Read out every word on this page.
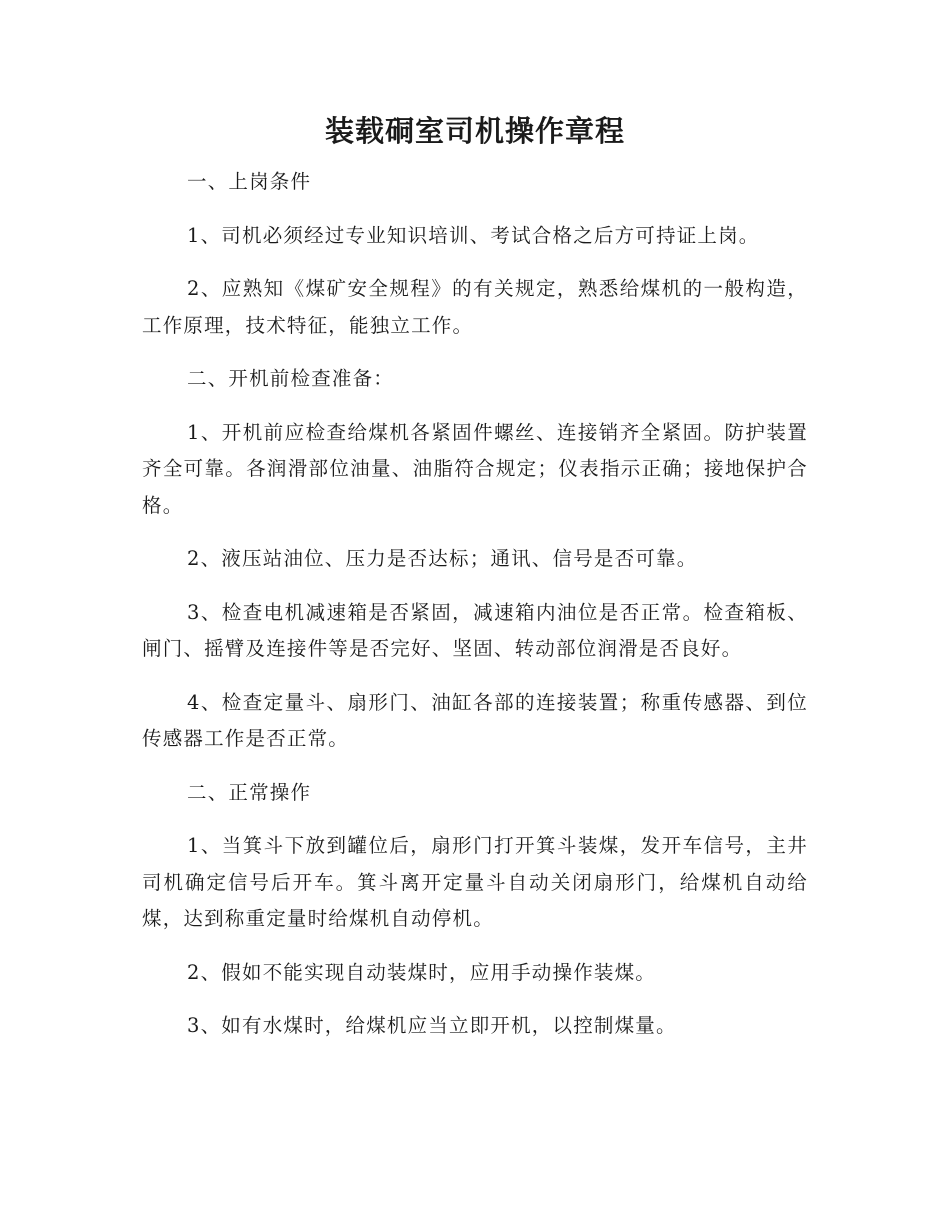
装载硐室司机操作章程

一、上岗条件

1、司机必须经过专业知识培训、考试合格之后方可持证上岗。

2、应熟知《煤矿安全规程》的有关规定，熟悉给煤机的一般构造，工作原理，技术特征，能独立工作。

二、开机前检查准备：

1、开机前应检查给煤机各紧固件螺丝、连接销齐全紧固。防护装置齐全可靠。各润滑部位油量、油脂符合规定；仪表指示正确；接地保护合格。

2、液压站油位、压力是否达标；通讯、信号是否可靠。

3、检查电机减速箱是否紧固，减速箱内油位是否正常。检查箱板、闸门、摇臂及连接件等是否完好、坚固、转动部位润滑是否良好。

4、检查定量斗、扇形门、油缸各部的连接装置；称重传感器、到位传感器工作是否正常。

二、正常操作

1、当箕斗下放到罐位后，扇形门打开箕斗装煤，发开车信号，主井司机确定信号后开车。箕斗离开定量斗自动关闭扇形门，给煤机自动给煤，达到称重定量时给煤机自动停机。

2、假如不能实现自动装煤时，应用手动操作装煤。

3、如有水煤时，给煤机应当立即开机，以控制煤量。
